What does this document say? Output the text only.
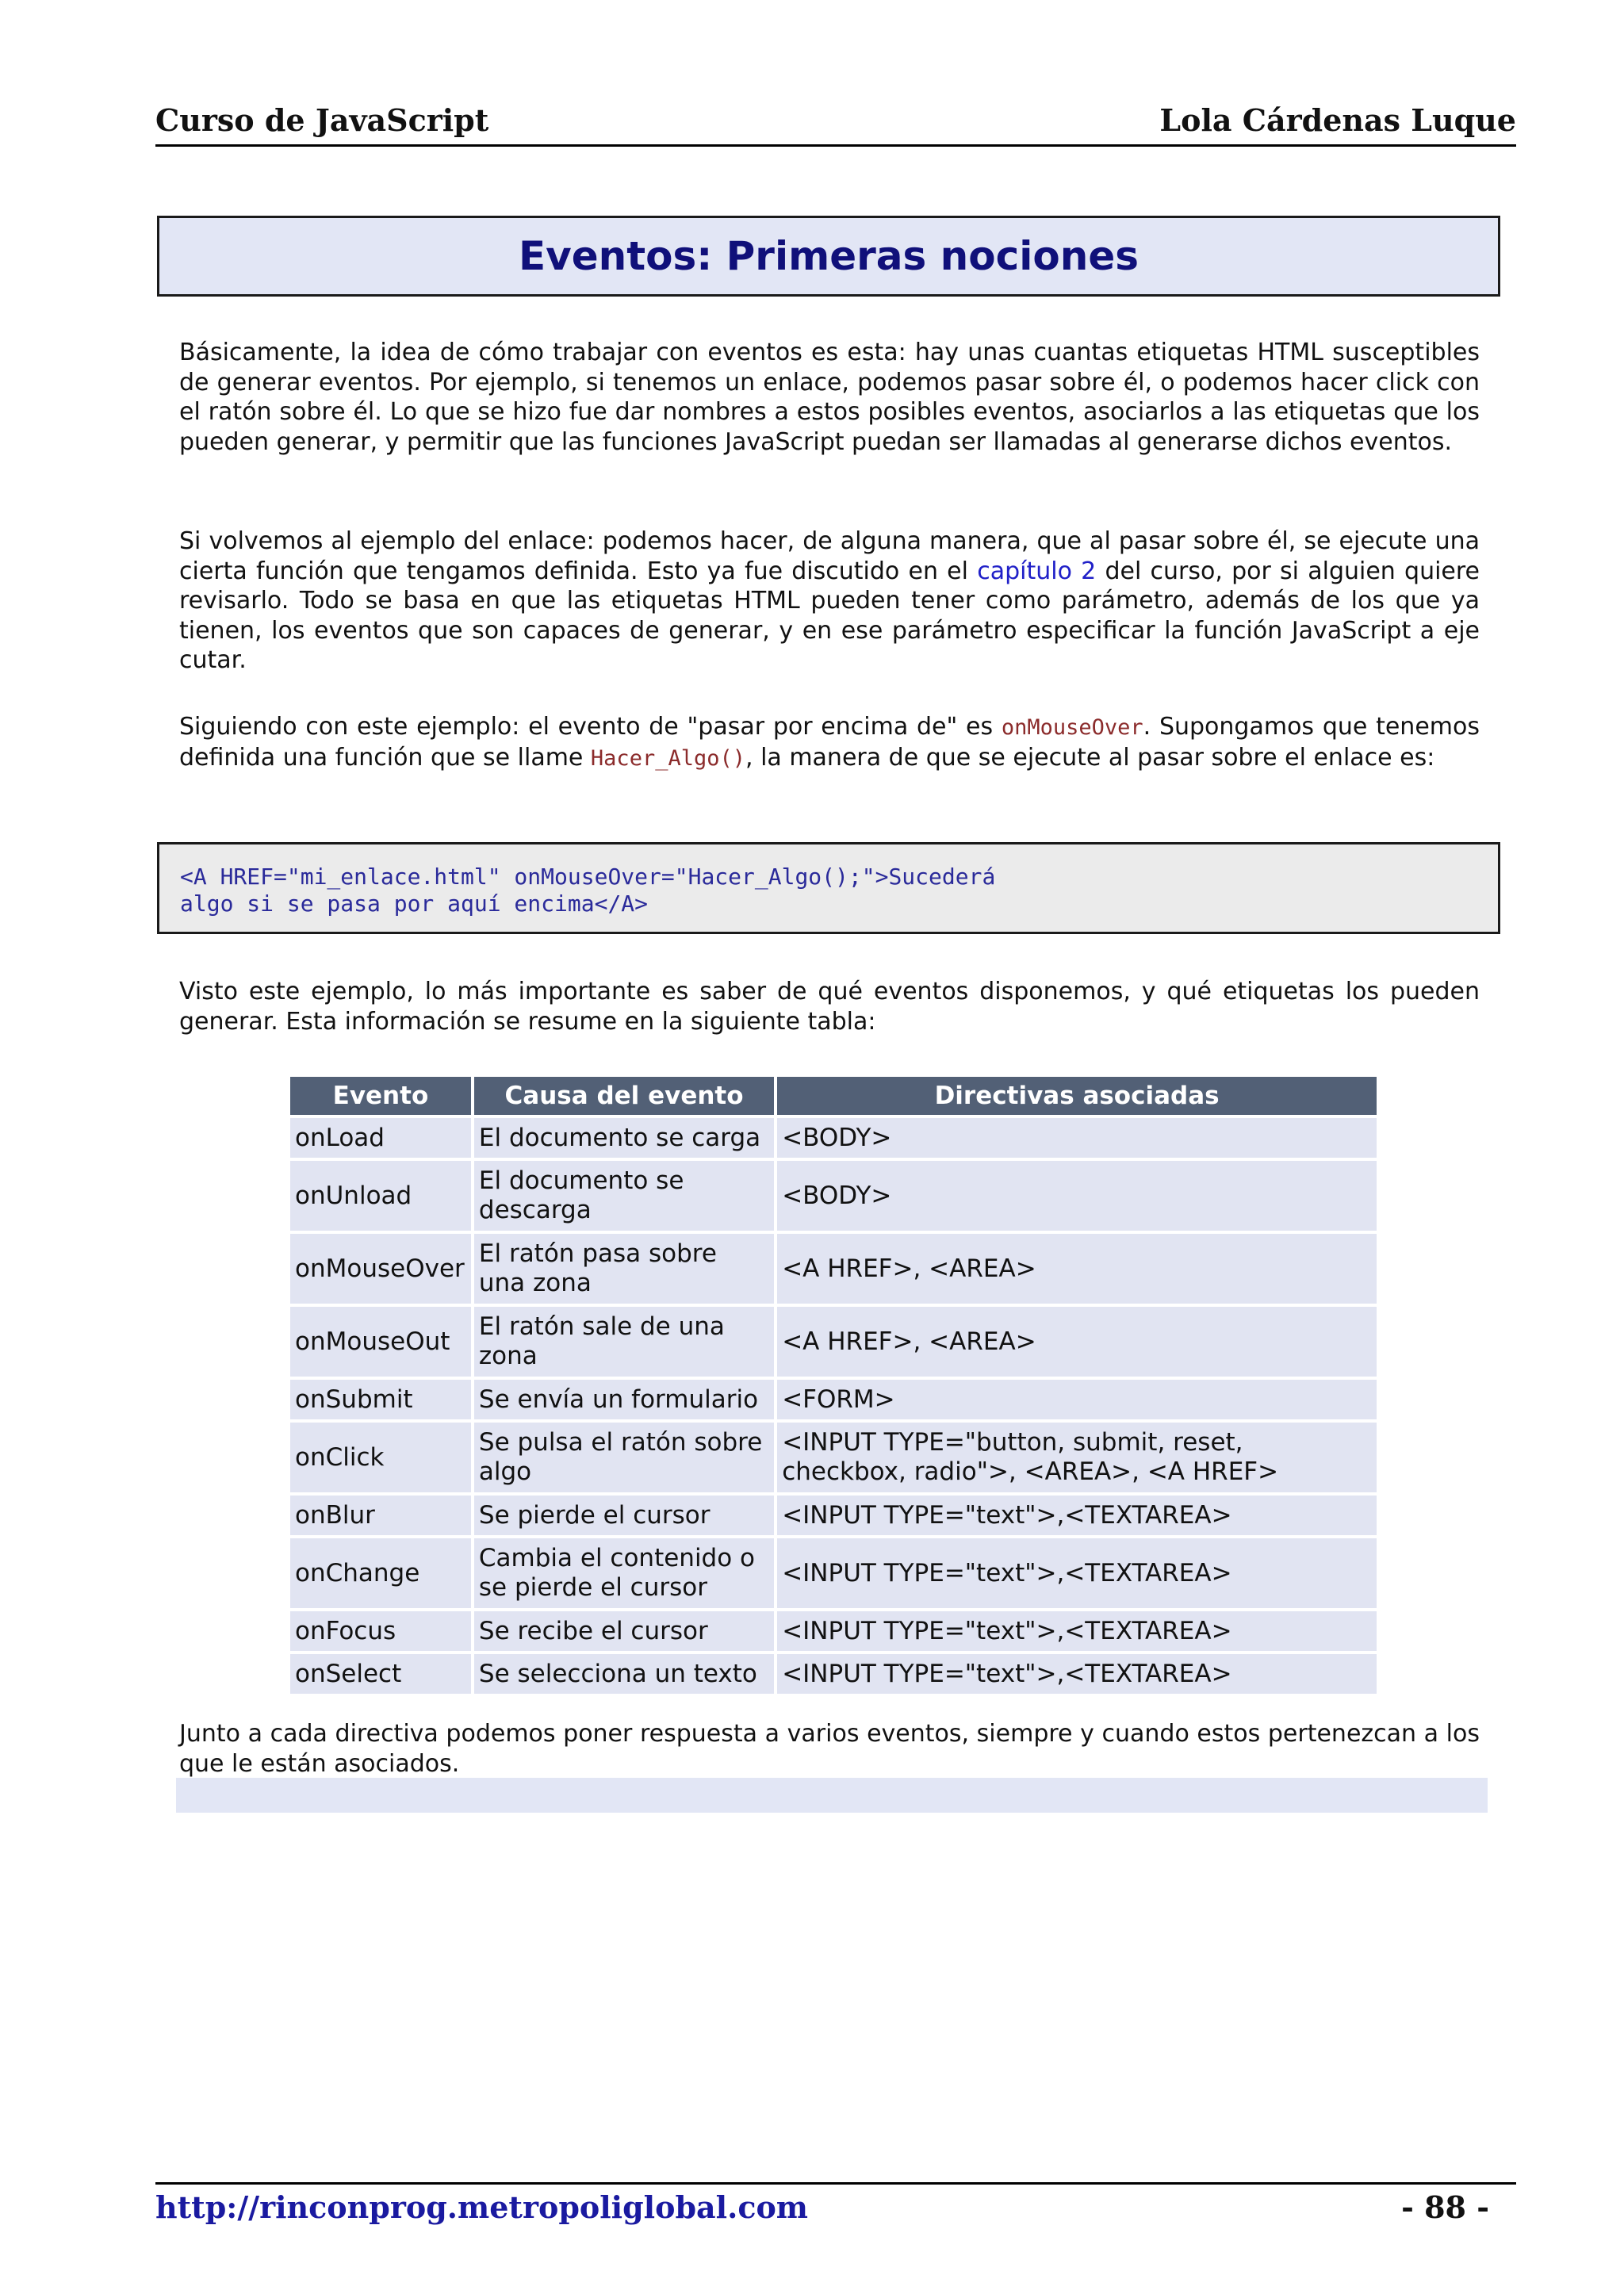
Curso de JavaScript	Lola Cárdenas Luque
Eventos: Primeras nociones

Básicamente, la idea de cómo trabajar con eventos es esta: hay unas cuantas etiquetas HTML susceptibles de generar eventos. Por ejemplo, si tenemos un enlace, podemos pasar sobre él, o podemos hacer click con el ratón sobre él. Lo que se hizo fue dar nombres a estos posibles eventos, asociarlos a las etiquetas que los pueden generar, y permitir que las funciones JavaScript puedan ser llamadas al generarse dichos eventos.

Si volvemos al ejemplo del enlace: podemos hacer, de alguna manera, que al pasar sobre él, se ejecute una cierta función que tengamos definida. Esto ya fue discutido en el capítulo 2 del curso, por si alguien quiere revisarlo. Todo se basa en que las etiquetas HTML pueden tener como parámetro, además de los que ya tienen, los eventos que son capaces de generar, y en ese parámetro especificar la función JavaScript a eje cutar.

Siguiendo con este ejemplo: el evento de "pasar por encima de" es onMouseOver. Supongamos que tenemos definida una función que se llame Hacer_Algo(), la manera de que se ejecute al pasar sobre el enlace es:

<A HREF="mi_enlace.html" onMouseOver="Hacer_Algo();">Sucederá
algo si se pasa por aquí encima</A>

Visto este ejemplo, lo más importante es saber de qué eventos disponemos, y qué etiquetas los pueden generar. Esta información se resume en la siguiente tabla:

Evento	Causa del evento	Directivas asociadas
onLoad	El documento se carga	<BODY>
onUnload	El documento se descarga	<BODY>
onMouseOver	El ratón pasa sobre una zona	<A HREF>, <AREA>
onMouseOut	El ratón sale de una zona	<A HREF>, <AREA>
onSubmit	Se envía un formulario	<FORM>
onClick	Se pulsa el ratón sobre algo	<INPUT TYPE="button, submit, reset, checkbox, radio">, <AREA>, <A HREF>
onBlur	Se pierde el cursor	<INPUT TYPE="text">,<TEXTAREA>
onChange	Cambia el contenido o se pierde el cursor	<INPUT TYPE="text">,<TEXTAREA>
onFocus	Se recibe el cursor	<INPUT TYPE="text">,<TEXTAREA>
onSelect	Se selecciona un texto	<INPUT TYPE="text">,<TEXTAREA>

Junto a cada directiva podemos poner respuesta a varios eventos, siempre y cuando estos pertenezcan a los que le están asociados.

http://rinconprog.metropoliglobal.com	- 88 -
